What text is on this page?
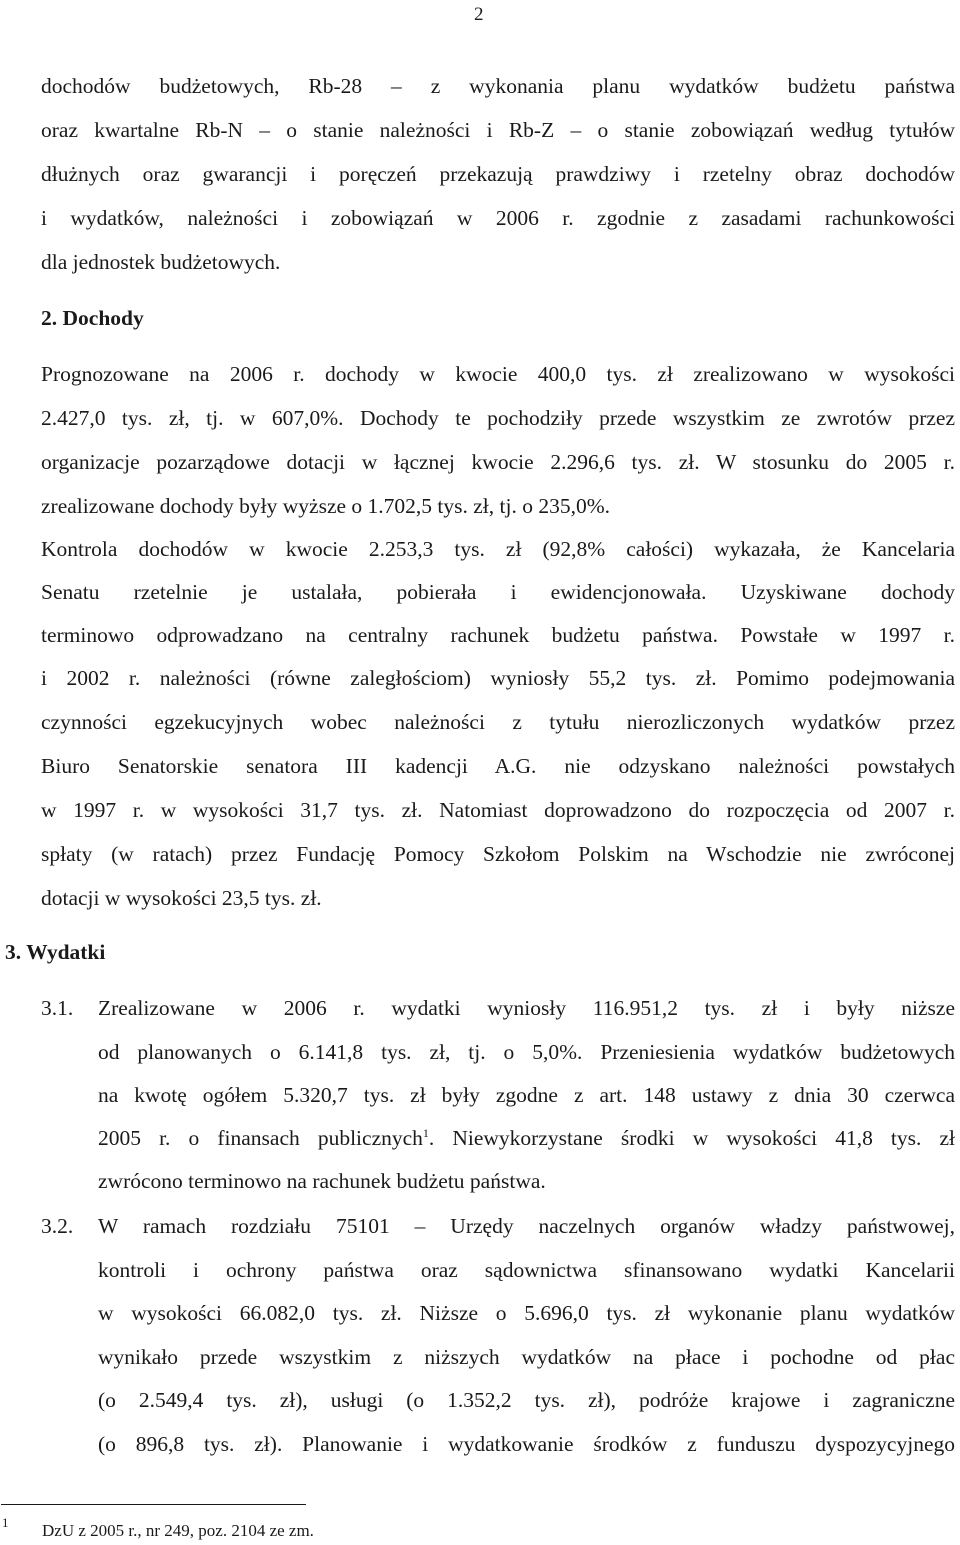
2
dochodów budżetowych, Rb-28 – z wykonania planu wydatków budżetu państwa
oraz kwartalne Rb-N – o stanie należności i Rb-Z – o stanie zobowiązań według tytułów
dłużnych oraz gwarancji i poręczeń przekazują prawdziwy i rzetelny obraz dochodów
i wydatków, należności i zobowiązań w 2006 r. zgodnie z zasadami rachunkowości
dla jednostek budżetowych.
2. Dochody
Prognozowane na 2006 r. dochody w kwocie 400,0 tys. zł zrealizowano w wysokości
2.427,0 tys. zł, tj. w 607,0%. Dochody te pochodziły przede wszystkim ze zwrotów przez
organizacje pozarządowe dotacji w łącznej kwocie 2.296,6 tys. zł. W stosunku do 2005 r.
zrealizowane dochody były wyższe o 1.702,5 tys. zł, tj. o 235,0%.
Kontrola dochodów w kwocie 2.253,3 tys. zł (92,8% całości) wykazała, że Kancelaria
Senatu rzetelnie je ustalała, pobierała i ewidencjonowała. Uzyskiwane dochody
terminowo odprowadzano na centralny rachunek budżetu państwa. Powstałe w 1997 r.
i 2002 r. należności (równe zaległościom) wyniosły 55,2 tys. zł. Pomimo podejmowania
czynności egzekucyjnych wobec należności z tytułu nierozliczonych wydatków przez
Biuro Senatorskie senatora III kadencji A.G. nie odzyskano należności powstałych
w 1997 r. w wysokości 31,7 tys. zł. Natomiast doprowadzono do rozpoczęcia od 2007 r.
spłaty (w ratach) przez Fundację Pomocy Szkołom Polskim na Wschodzie nie zwróconej
dotacji w wysokości 23,5 tys. zł.
3. Wydatki
3.1. Zrealizowane w 2006 r. wydatki wyniosły 116.951,2 tys. zł i były niższe
od planowanych o 6.141,8 tys. zł, tj. o 5,0%. Przeniesienia wydatków budżetowych
na kwotę ogółem 5.320,7 tys. zł były zgodne z art. 148 ustawy z dnia 30 czerwca
2005 r. o finansach publicznych$^1$. Niewykorzystane środki w wysokości 41,8 tys. zł
zwrócono terminowo na rachunek budżetu państwa.
3.2. W ramach rozdziału 75101 – Urzędy naczelnych organów władzy państwowej,
kontroli i ochrony państwa oraz sądownictwa sfinansowano wydatki Kancelarii
w wysokości 66.082,0 tys. zł. Niższe o 5.696,0 tys. zł wykonanie planu wydatków
wynikało przede wszystkim z niższych wydatków na płace i pochodne od płac
(o 2.549,4 tys. zł), usługi (o 1.352,2 tys. zł), podróże krajowe i zagraniczne
(o 896,8 tys. zł). Planowanie i wydatkowanie środków z funduszu dyspozycyjnego
1 DzU z 2005 r., nr 249, poz. 2104 ze zm.
